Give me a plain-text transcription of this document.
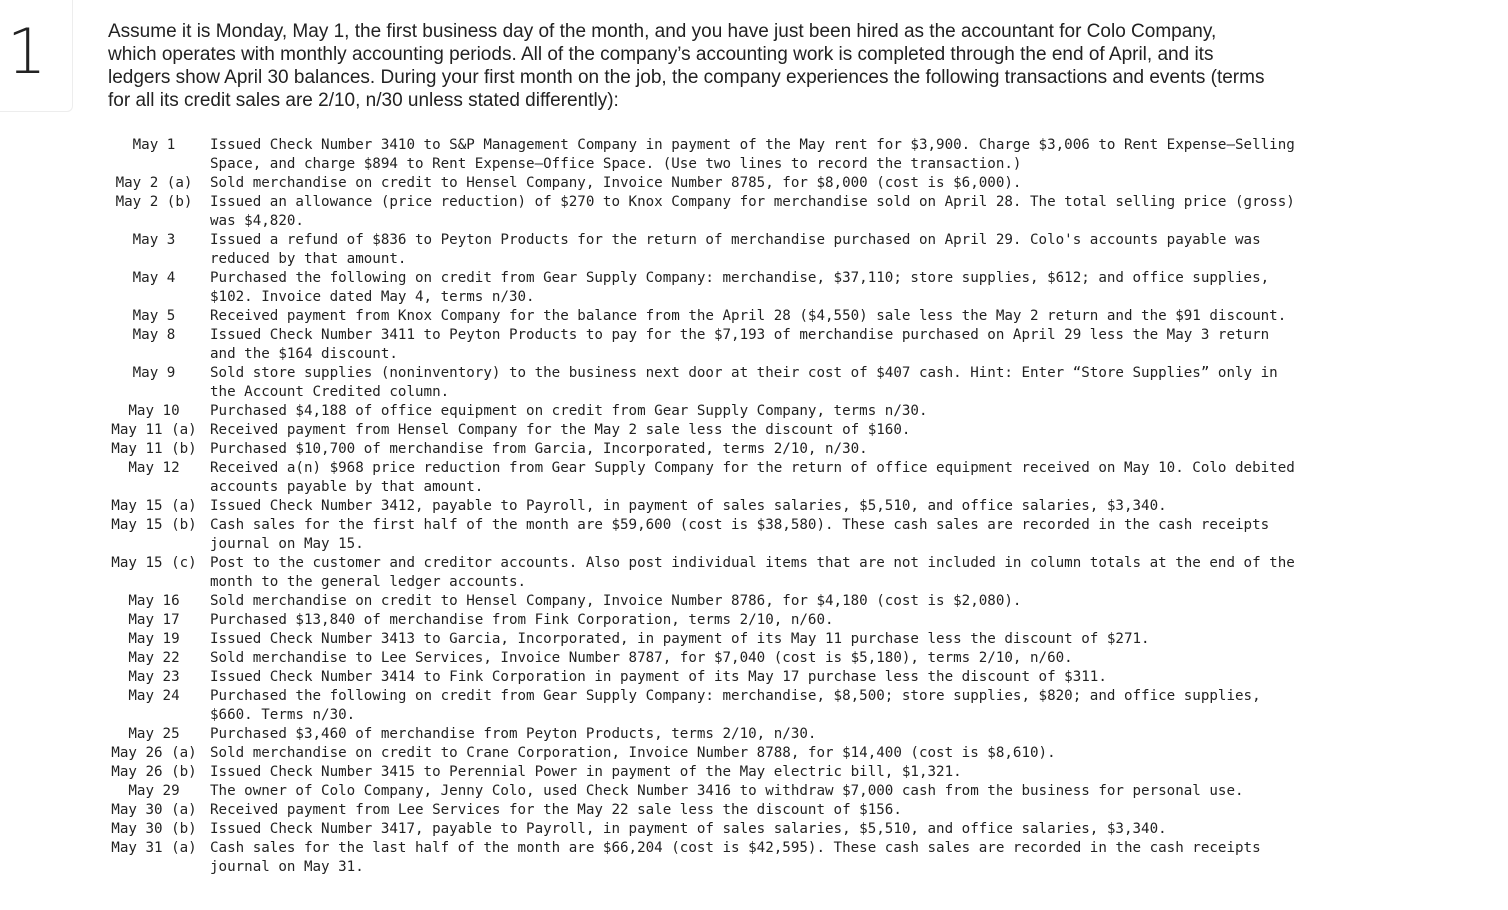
1	Assume it is Monday, May 1, the first business day of the month, and you have just been hired as the accountant for Colo Company, which operates with monthly accounting periods. All of the company’s accounting work is completed through the end of April, and its ledgers show April 30 balances. During your first month on the job, the company experiences the following transactions and events (terms for all its credit sales are 2/10, n/30 unless stated differently):
May 1	Issued Check Number 3410 to S&P Management Company in payment of the May rent for $3,900. Charge $3,006 to Rent Expense—Selling Space, and charge $894 to Rent Expense—Office Space. (Use two lines to record the transaction.)
May 2 (a)	Sold merchandise on credit to Hensel Company, Invoice Number 8785, for $8,000 (cost is $6,000).
May 2 (b)	Issued an allowance (price reduction) of $270 to Knox Company for merchandise sold on April 28. The total selling price (gross) was $4,820.
May 3	Issued a refund of $836 to Peyton Products for the return of merchandise purchased on April 29. Colo's accounts payable was reduced by that amount.
May 4	Purchased the following on credit from Gear Supply Company: merchandise, $37,110; store supplies, $612; and office supplies, $102. Invoice dated May 4, terms n/30.
May 5	Received payment from Knox Company for the balance from the April 28 ($4,550) sale less the May 2 return and the $91 discount.
May 8	Issued Check Number 3411 to Peyton Products to pay for the $7,193 of merchandise purchased on April 29 less the May 3 return and the $164 discount.
May 9	Sold store supplies (noninventory) to the business next door at their cost of $407 cash. Hint: Enter “Store Supplies” only in the Account Credited column.
May 10	Purchased $4,188 of office equipment on credit from Gear Supply Company, terms n/30.
May 11 (a) Received payment from Hensel Company for the May 2 sale less the discount of $160.
May 11 (b) Purchased $10,700 of merchandise from Garcia, Incorporated, terms 2/10, n/30.
May 12	Received a(n) $968 price reduction from Gear Supply Company for the return of office equipment received on May 10. Colo debited accounts payable by that amount.
May 15 (a) Issued Check Number 3412, payable to Payroll, in payment of sales salaries, $5,510, and office salaries, $3,340.
May 15 (b) Cash sales for the first half of the month are $59,600 (cost is $38,580). These cash sales are recorded in the cash receipts journal on May 15.
May 15 (c) Post to the customer and creditor accounts. Also post individual items that are not included in column totals at the end of the month to the general ledger accounts.
May 16	Sold merchandise on credit to Hensel Company, Invoice Number 8786, for $4,180 (cost is $2,080).
May 17	Purchased $13,840 of merchandise from Fink Corporation, terms 2/10, n/60.
May 19	Issued Check Number 3413 to Garcia, Incorporated, in payment of its May 11 purchase less the discount of $271.
May 22	Sold merchandise to Lee Services, Invoice Number 8787, for $7,040 (cost is $5,180), terms 2/10, n/60.
May 23	Issued Check Number 3414 to Fink Corporation in payment of its May 17 purchase less the discount of $311.
May 24	Purchased the following on credit from Gear Supply Company: merchandise, $8,500; store supplies, $820; and office supplies, $660. Terms n/30.
May 25	Purchased $3,460 of merchandise from Peyton Products, terms 2/10, n/30.
May 26 (a) Sold merchandise on credit to Crane Corporation, Invoice Number 8788, for $14,400 (cost is $8,610).
May 26 (b) Issued Check Number 3415 to Perennial Power in payment of the May electric bill, $1,321.
May 29	The owner of Colo Company, Jenny Colo, used Check Number 3416 to withdraw $7,000 cash from the business for personal use.
May 30 (a) Received payment from Lee Services for the May 22 sale less the discount of $156.
May 30 (b) Issued Check Number 3417, payable to Payroll, in payment of sales salaries, $5,510, and office salaries, $3,340.
May 31 (a) Cash sales for the last half of the month are $66,204 (cost is $42,595). These cash sales are recorded in the cash receipts journal on May 31.
